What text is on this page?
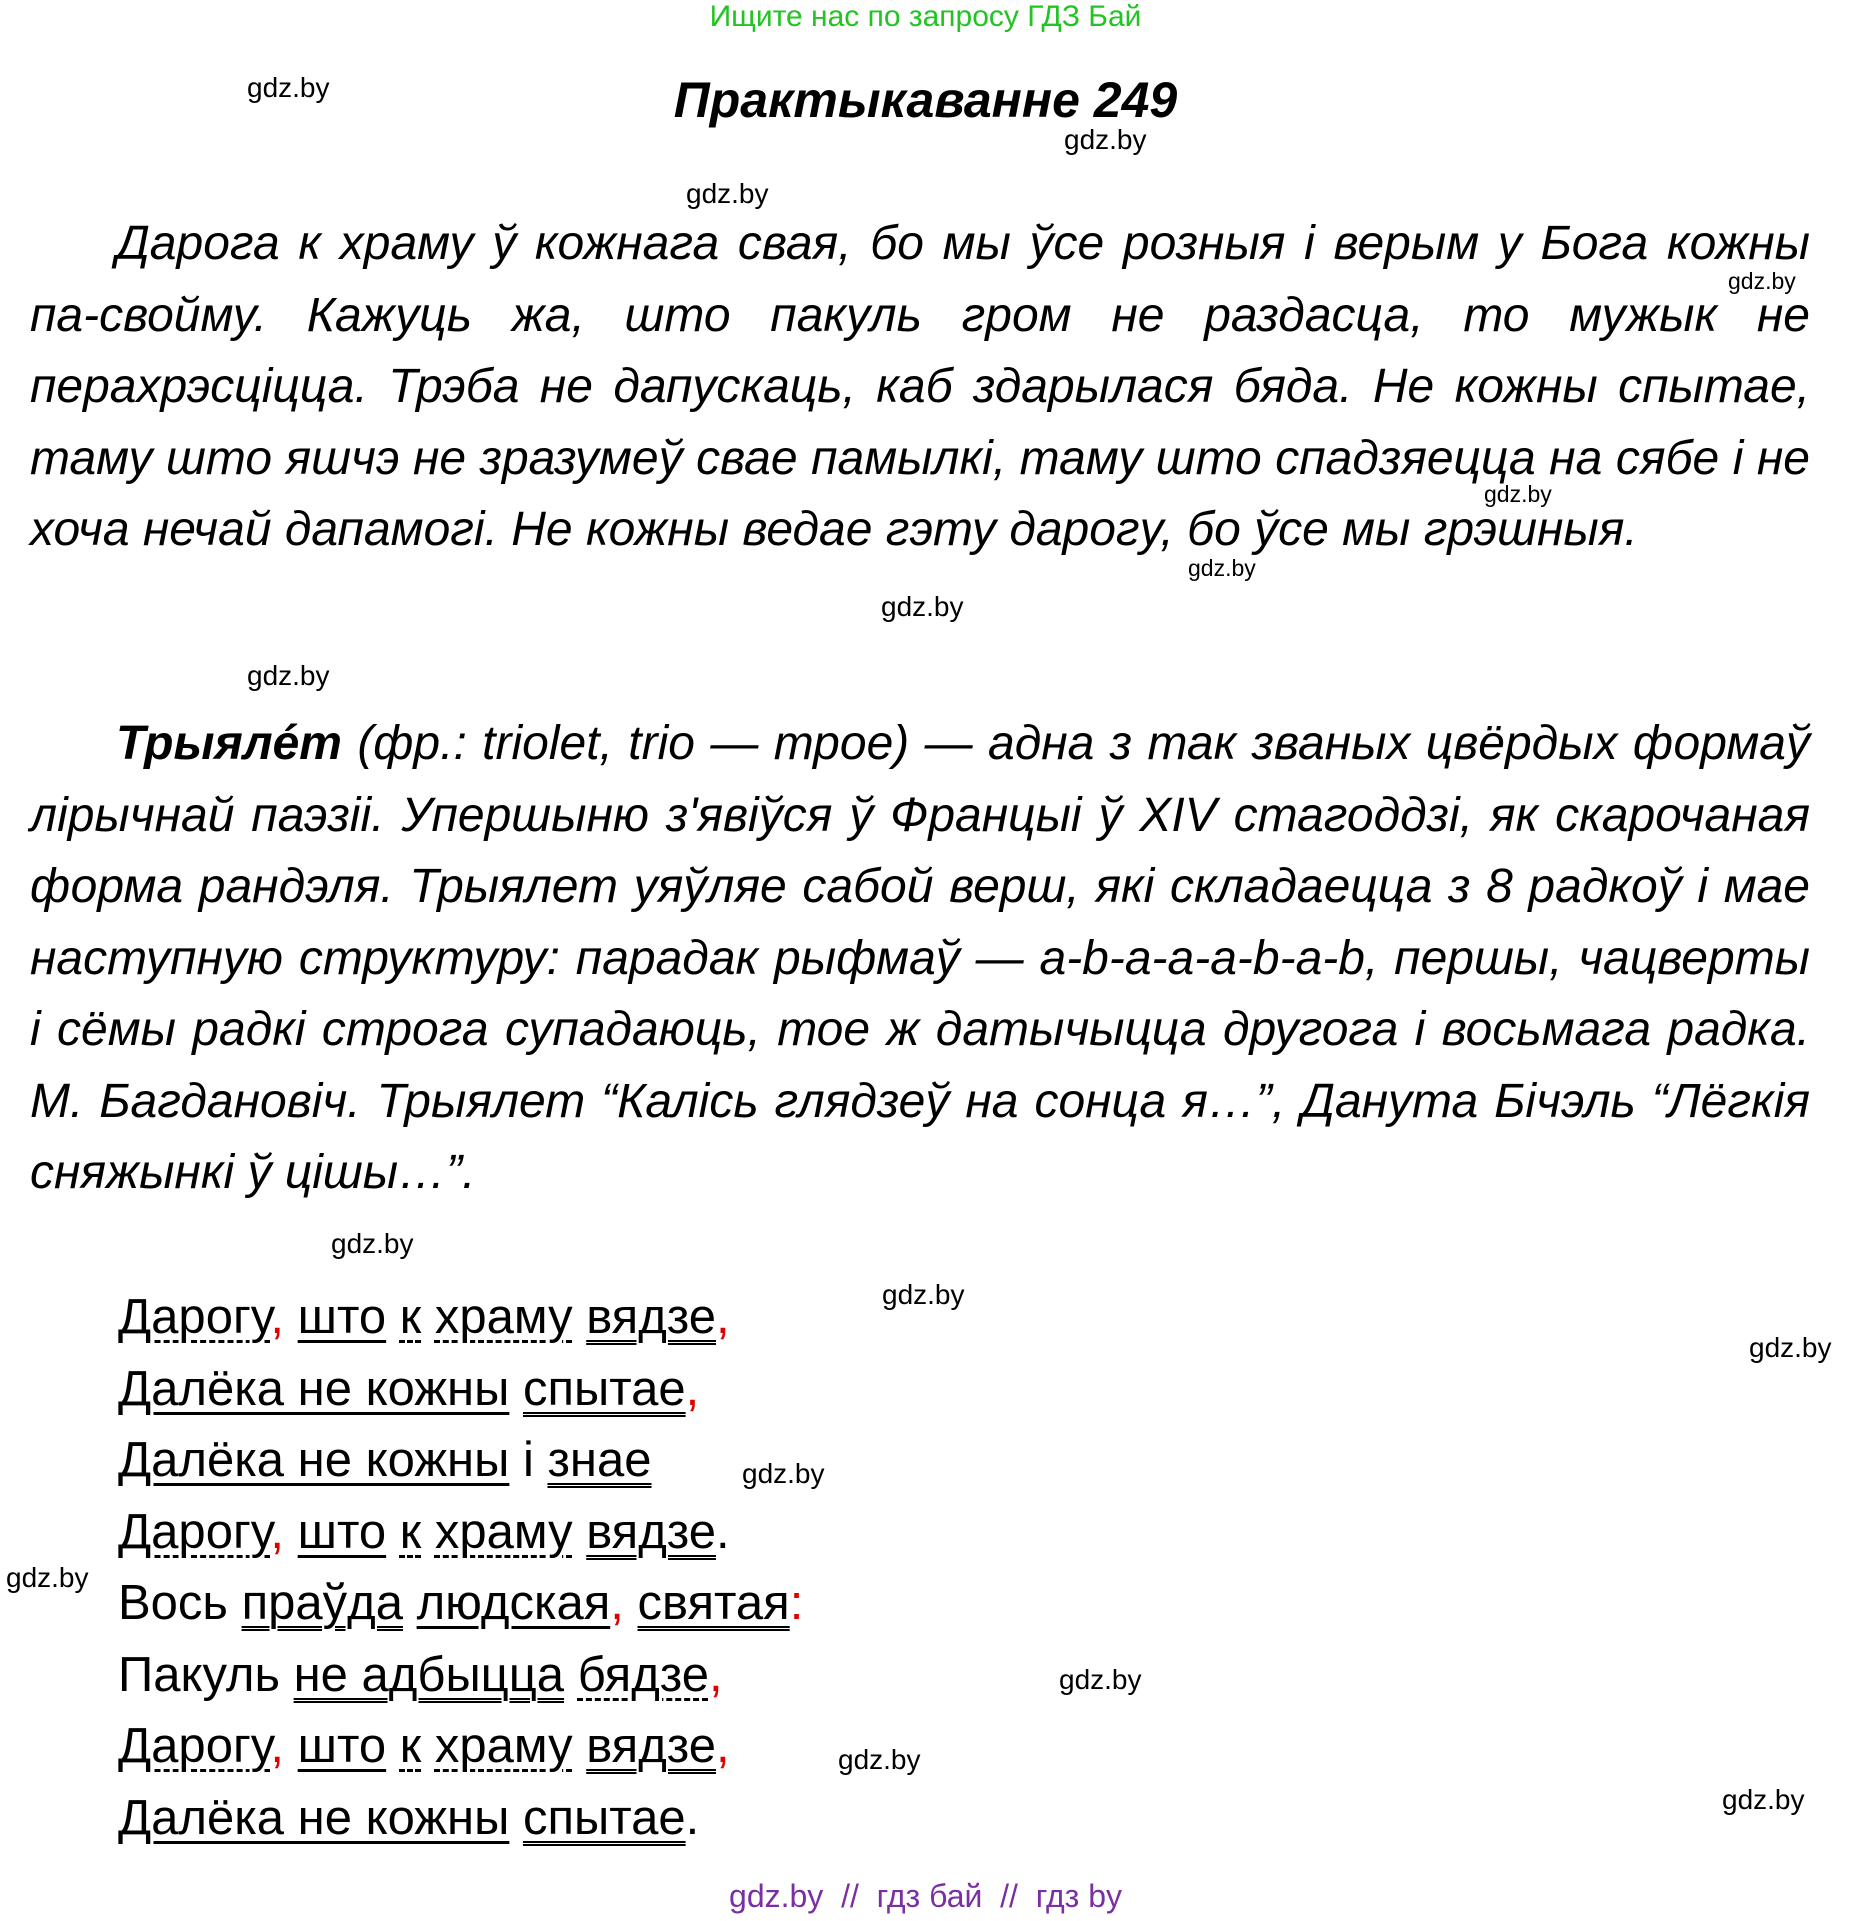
Ищите нас по запросу ГДЗ Бай
Практыкаванне 249
gdz.by
gdz.by
gdz.by
gdz.by
gdz.by
gdz.by
gdz.by
gdz.by
gdz.by
gdz.by
gdz.by
gdz.by
gdz.by
gdz.by
gdz.by
gdz.by

Дарога к храму ў кожнага свая, бо мы ўсе розныя і верым у Бога кожны па-свойму. Кажуць жа, што пакуль гром не раздасца, то мужык не перахрэсціцца. Трэба не дапускаць, каб здарылася бяда. Не кожны спытае, таму што яшчэ не зразумеў свае памылкі, таму што спадзяецца на сябе і не хоча нечай дапамогі. Не кожны ведае гэту дарогу, бо ўсе мы грэшныя.

Трыялéт (фр.: triolet, trio — трое) — адна з так званых цвёрдых формаў лірычнай паэзіі. Упершыню з'явіўся ў Францыі ў XIV стагоддзі, як скарочаная форма рандэля. Трыялет уяўляе сабой верш, які складаецца з 8 радкоў і мае наступную структуру: парадак рыфмаў — a-b-a-a-a-b-a-b, першы, чацверты і сёмы радкі строга супадаюць, тое ж датычыцца другога і восьмага радка. М. Багдановіч. Трыялет “Калісь глядзеў на сонца я…”, Данута Бічэль “Лёгкія сняжынкі ў цішы…”.

Дарогу, што к храму вядзе,
Далёка не кожны спытае,
Далёка не кожны і знае
Дарогу, што к храму вядзе.
Вось праўда людская, святая:
Пакуль не адбыцца бядзе,
Дарогу, што к храму вядзе,
Далёка не кожны спытае.
gdz.by  //  гдз бай  //  гдз by
